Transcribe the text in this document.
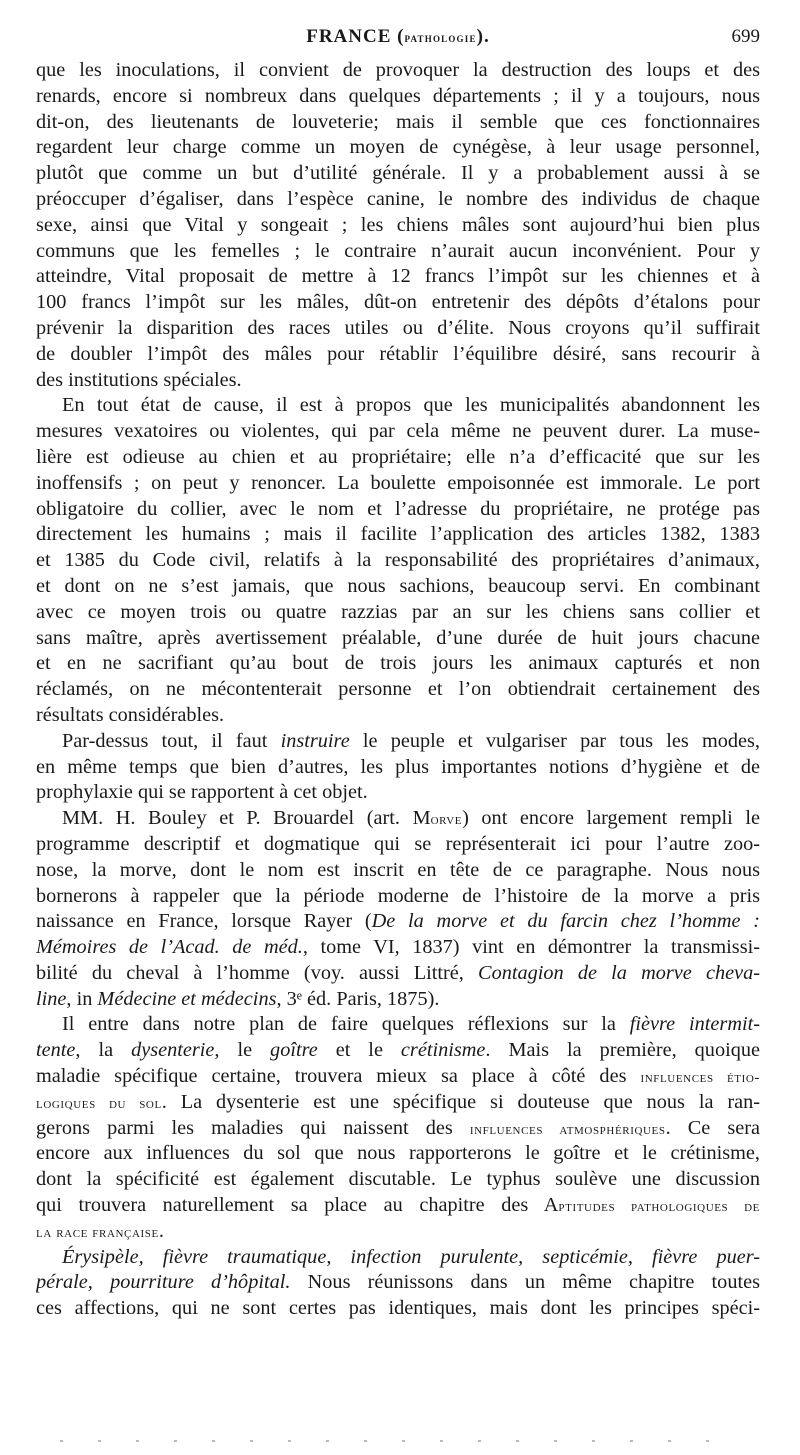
FRANCE (pathologie).	699
que les inoculations, il convient de provoquer la destruction des loups et des
renards, encore si nombreux dans quelques départements ; il y a toujours, nous
dit-on, des lieutenants de louveterie; mais il semble que ces fonctionnaires
regardent leur charge comme un moyen de cynégèse, à leur usage personnel,
plutôt que comme un but d’utilité générale. Il y a probablement aussi à se
préoccuper d’égaliser, dans l’espèce canine, le nombre des individus de chaque
sexe, ainsi que Vital y songeait ; les chiens mâles sont aujourd’hui bien plus
communs que les femelles ; le contraire n’aurait aucun inconvénient. Pour y
atteindre, Vital proposait de mettre à 12 francs l’impôt sur les chiennes et à
100 francs l’impôt sur les mâles, dût-on entretenir des dépôts d’étalons pour
prévenir la disparition des races utiles ou d’élite. Nous croyons qu’il suffirait
de doubler l’impôt des mâles pour rétablir l’équilibre désiré, sans recourir à
des institutions spéciales.
En tout état de cause, il est à propos que les municipalités abandonnent les
mesures vexatoires ou violentes, qui par cela même ne peuvent durer. La muse-
lière est odieuse au chien et au propriétaire; elle n’a d’efficacité que sur les
inoffensifs ; on peut y renoncer. La boulette empoisonnée est immorale. Le port
obligatoire du collier, avec le nom et l’adresse du propriétaire, ne protége pas
directement les humains ; mais il facilite l’application des articles 1382, 1383
et 1385 du Code civil, relatifs à la responsabilité des propriétaires d’animaux,
et dont on ne s’est jamais, que nous sachions, beaucoup servi. En combinant
avec ce moyen trois ou quatre razzias par an sur les chiens sans collier et
sans maître, après avertissement préalable, d’une durée de huit jours chacune
et en ne sacrifiant qu’au bout de trois jours les animaux capturés et non
réclamés, on ne mécontenterait personne et l’on obtiendrait certainement des
résultats considérables.
Par-dessus tout, il faut instruire le peuple et vulgariser par tous les modes,
en même temps que bien d’autres, les plus importantes notions d’hygiène et de
prophylaxie qui se rapportent à cet objet.
MM. H. Bouley et P. Brouardel (art. Morve) ont encore largement rempli le
programme descriptif et dogmatique qui se représenterait ici pour l’autre zoo-
nose, la morve, dont le nom est inscrit en tête de ce paragraphe. Nous nous
bornerons à rappeler que la période moderne de l’histoire de la morve a pris
naissance en France, lorsque Rayer (De la morve et du farcin chez l’homme :
Mémoires de l’Acad. de méd., tome VI, 1837) vint en démontrer la transmissi-
bilité du cheval à l’homme (voy. aussi Littré, Contagion de la morve cheva-
line, in Médecine et médecins, 3ᵉ éd. Paris, 1875).
Il entre dans notre plan de faire quelques réflexions sur la fièvre intermit-
tente, la dysenterie, le goître et le crétinisme. Mais la première, quoique
maladie spécifique certaine, trouvera mieux sa place à côté des influences étio-
logiques du sol. La dysenterie est une spécifique si douteuse que nous la ran-
gerons parmi les maladies qui naissent des influences atmosphériques. Ce sera
encore aux influences du sol que nous rapporterons le goître et le crétinisme,
dont la spécificité est également discutable. Le typhus soulève une discussion
qui trouvera naturellement sa place au chapitre des Aptitudes pathologiques de
la race française.
Érysipèle, fièvre traumatique, infection purulente, septicémie, fièvre puer-
pérale, pourriture d’hôpital. Nous réunissons dans un même chapitre toutes
ces affections, qui ne sont certes pas identiques, mais dont les principes spéci-
